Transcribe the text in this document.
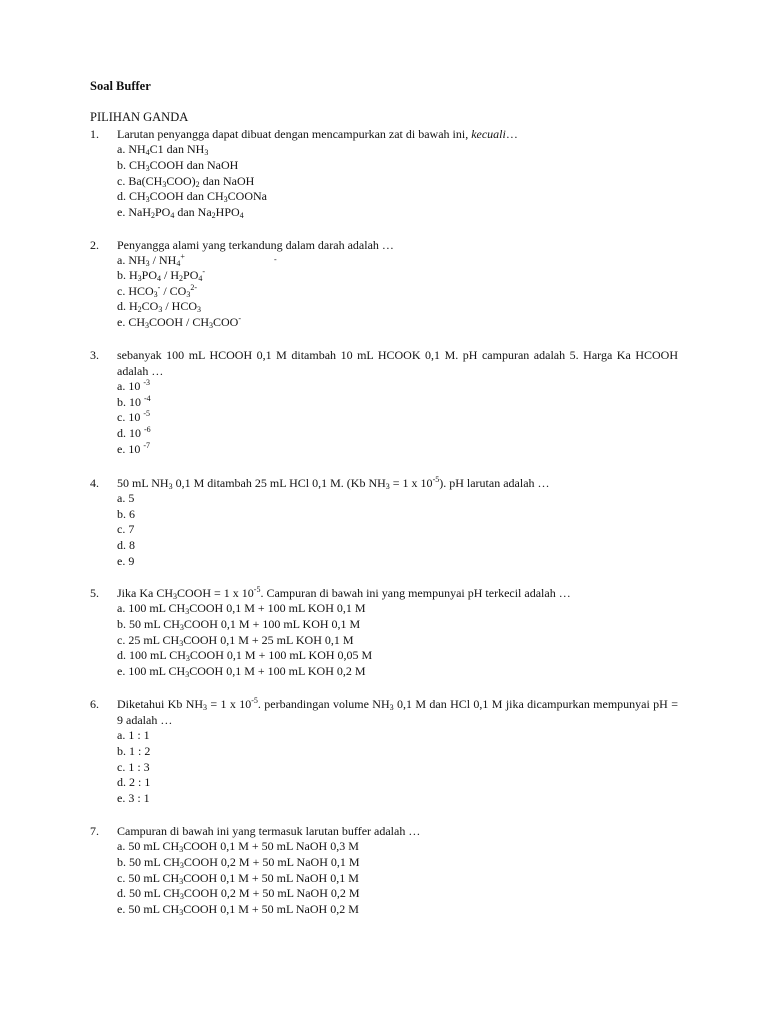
Soal Buffer
PILIHAN GANDA
-
1.	Larutan penyangga dapat dibuat dengan mencampurkan zat di bawah ini, kecuali…
a. $NH_4C1$ dan $NH_3$
b. $CH_3COOH$ dan NaOH
c. $Ba(CH_3COO)_2$ dan NaOH
d. $CH_3COOH$ dan $CH_3COONa$
e. $NaH_2PO_4$ dan $Na_2HPO_4$
2.	Penyangga alami yang terkandung dalam darah adalah …
a. $NH_3 / NH_4^+$
b. $H_3PO_4 / H_2PO_4^-$
c. $HCO_3^- / CO_3^{2-}$
d. $H_2CO_3 / HCO_3$
e. $CH_3COOH / CH_3COO^-$
3.	sebanyak 100 mL HCOOH 0,1 M ditambah 10 mL HCOOK 0,1 M. pH campuran adalah 5. Harga Ka HCOOH adalah …
a. 10 $^{-3}$
b. 10 $^{-4}$
c. 10 $^{-5}$
d. 10 $^{-6}$
e. 10 $^{-7}$
4.	50 mL $NH_3$ 0,1 M ditambah 25 mL HCl 0,1 M. (Kb $NH_3 = 1$ x $10^{-5}$). pH larutan adalah …
a. 5
b. 6
c. 7
d. 8
e. 9
5.	Jika Ka $CH_3COOH = 1$ x $10^{-5}$. Campuran di bawah ini yang mempunyai pH terkecil adalah …
a. 100 mL $CH_3COOH$ 0,1 M + 100 mL KOH 0,1 M
b. 50 mL $CH_3COOH$ 0,1 M + 100 mL KOH 0,1 M
c. 25 mL $CH_3COOH$ 0,1 M + 25 mL KOH 0,1 M
d. 100 mL $CH_3COOH$ 0,1 M + 100 mL KOH 0,05 M
e. 100 mL $CH_3COOH$ 0,1 M + 100 mL KOH 0,2 M
6.	Diketahui Kb $NH_3 = 1$ x $10^{-5}$. perbandingan volume $NH_3$ 0,1 M dan HCl 0,1 M jika dicampurkan mempunyai pH = 9 adalah …
a. 1 : 1
b. 1 : 2
c. 1 : 3
d. 2 : 1
e. 3 : 1
7.	Campuran di bawah ini yang termasuk larutan buffer adalah …
a. 50 mL $CH_3COOH$ 0,1 M + 50 mL NaOH 0,3 M
b. 50 mL $CH_3COOH$ 0,2 M + 50 mL NaOH 0,1 M
c. 50 mL $CH_3COOH$ 0,1 M + 50 mL NaOH 0,1 M
d. 50 mL $CH_3COOH$ 0,2 M + 50 mL NaOH 0,2 M
e. 50 mL $CH_3COOH$ 0,1 M + 50 mL NaOH 0,2 M
